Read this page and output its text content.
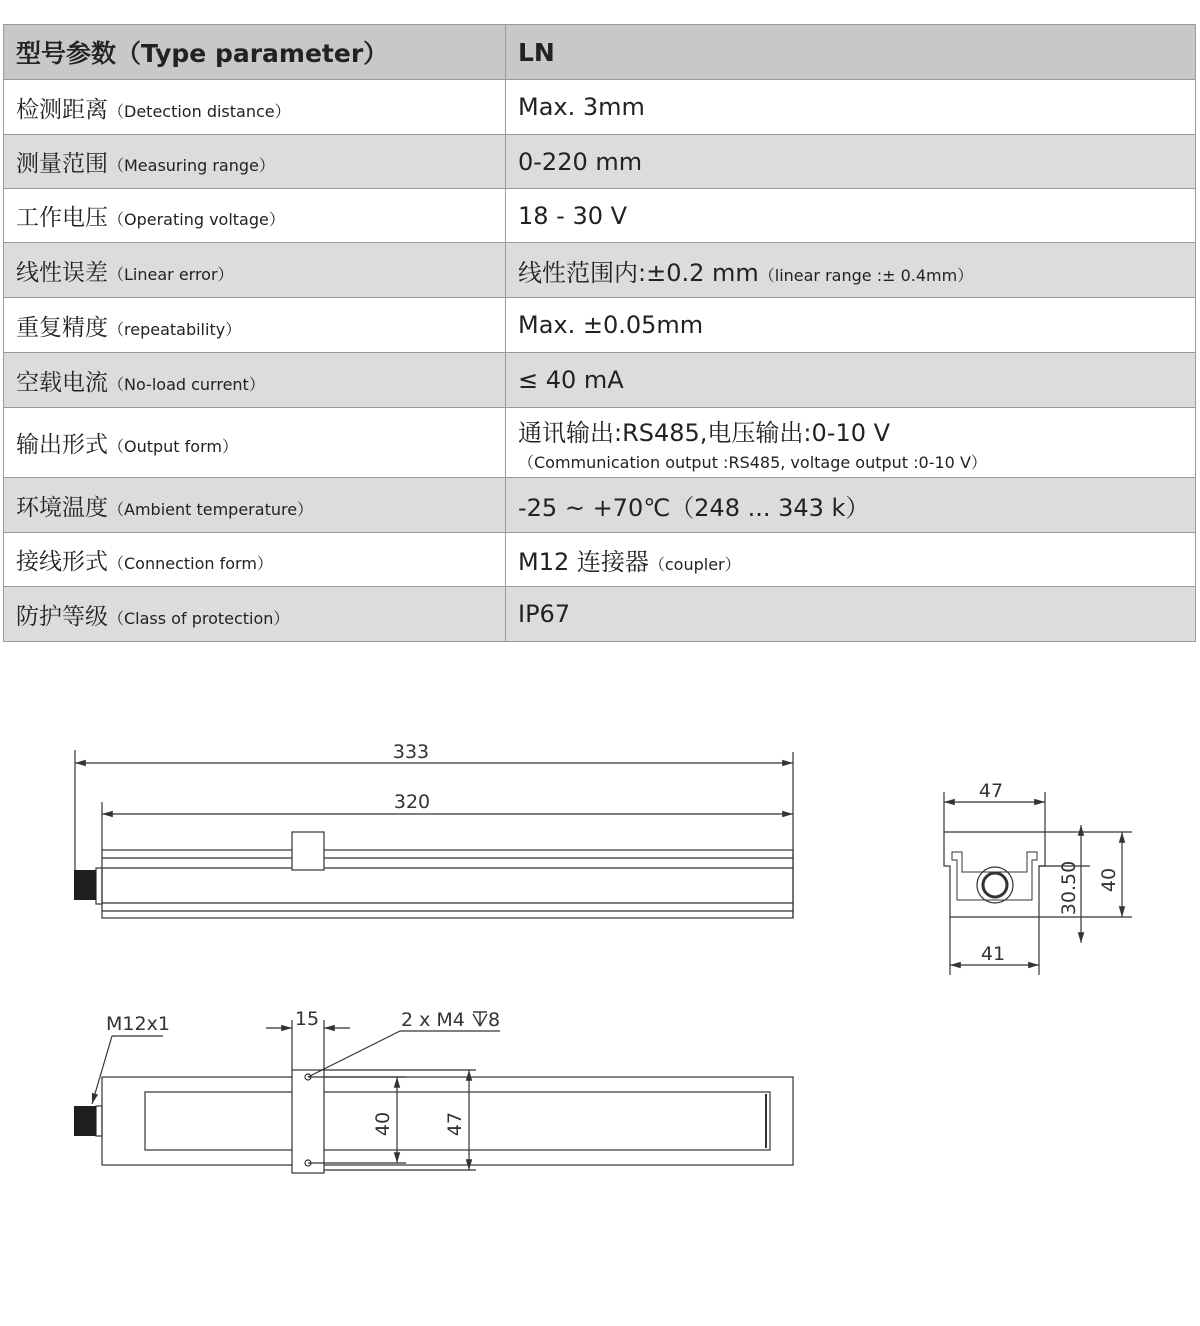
型号参数（Type parameter）	LN
检测距离（Detection distance）	Max. 3mm
测量范围（Measuring range）	0-220 mm
工作电压（Operating voltage）	18 - 30 V
线性误差（Linear error）	线性范围内:±0.2 mm（linear range :± 0.4mm）
重复精度（repeatability）	Max. ±0.05mm
空载电流（No-load current）	≤ 40 mA
输出形式（Output form）	通讯输出:RS485,电压输出:0-10 V
（Communication output :RS485, voltage output :0-10 V）

环境温度（Ambient temperature）	-25 ~ +70℃（248 ... 343 k）
接线形式（Connection form）	M12 连接器（coupler）
防护等级（Class of protection）	IP67
333
320	47
41
30.50 40
M12x1	15	2 x M4 8
40	47
